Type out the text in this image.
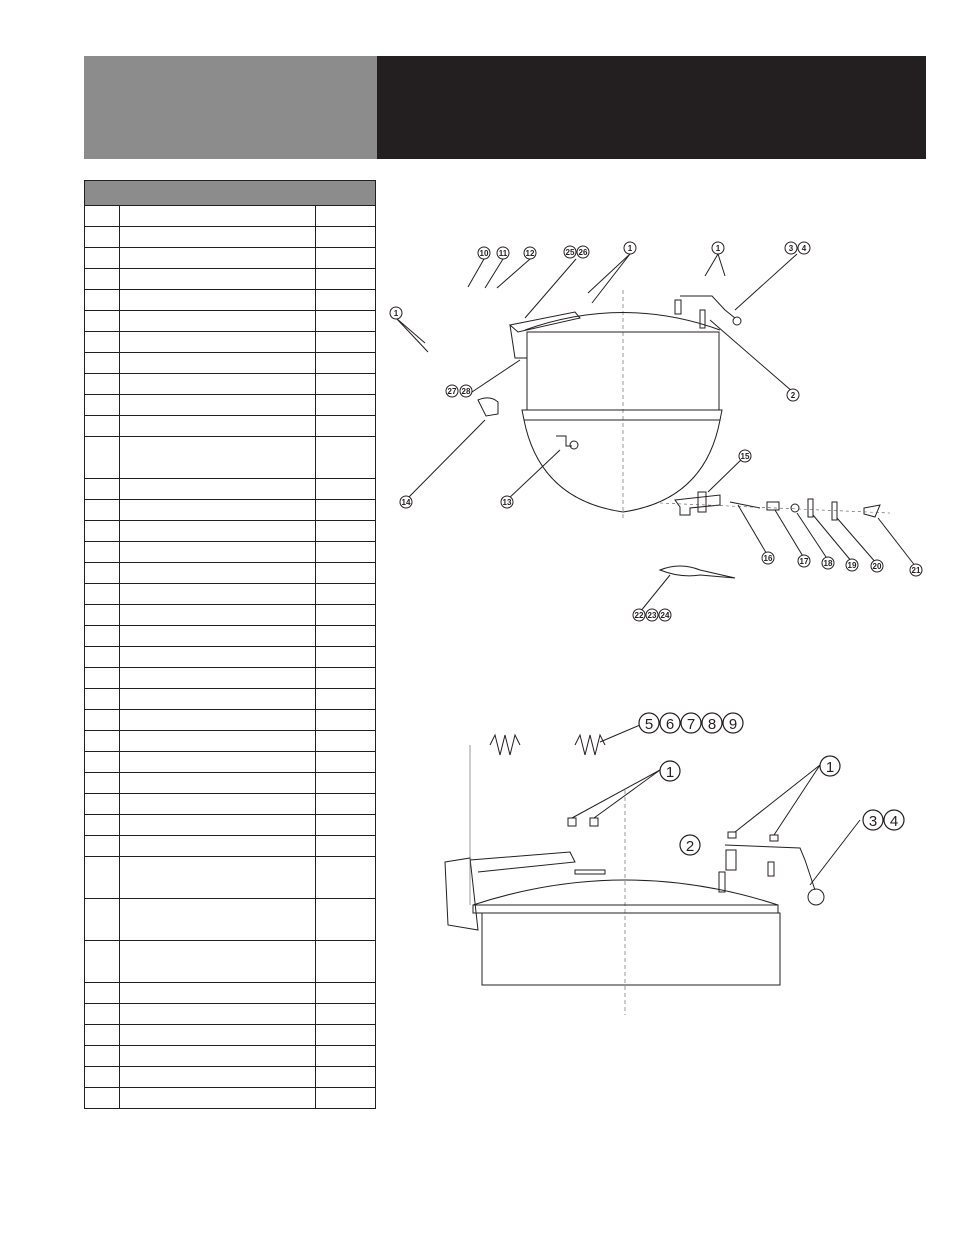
10 11 12	25 26	1	1	3 4
1
2
27 28
14	13
15
16	17 18 19 20	21
22 23 24
5 6 7 8 9
1	1
2
3 4
